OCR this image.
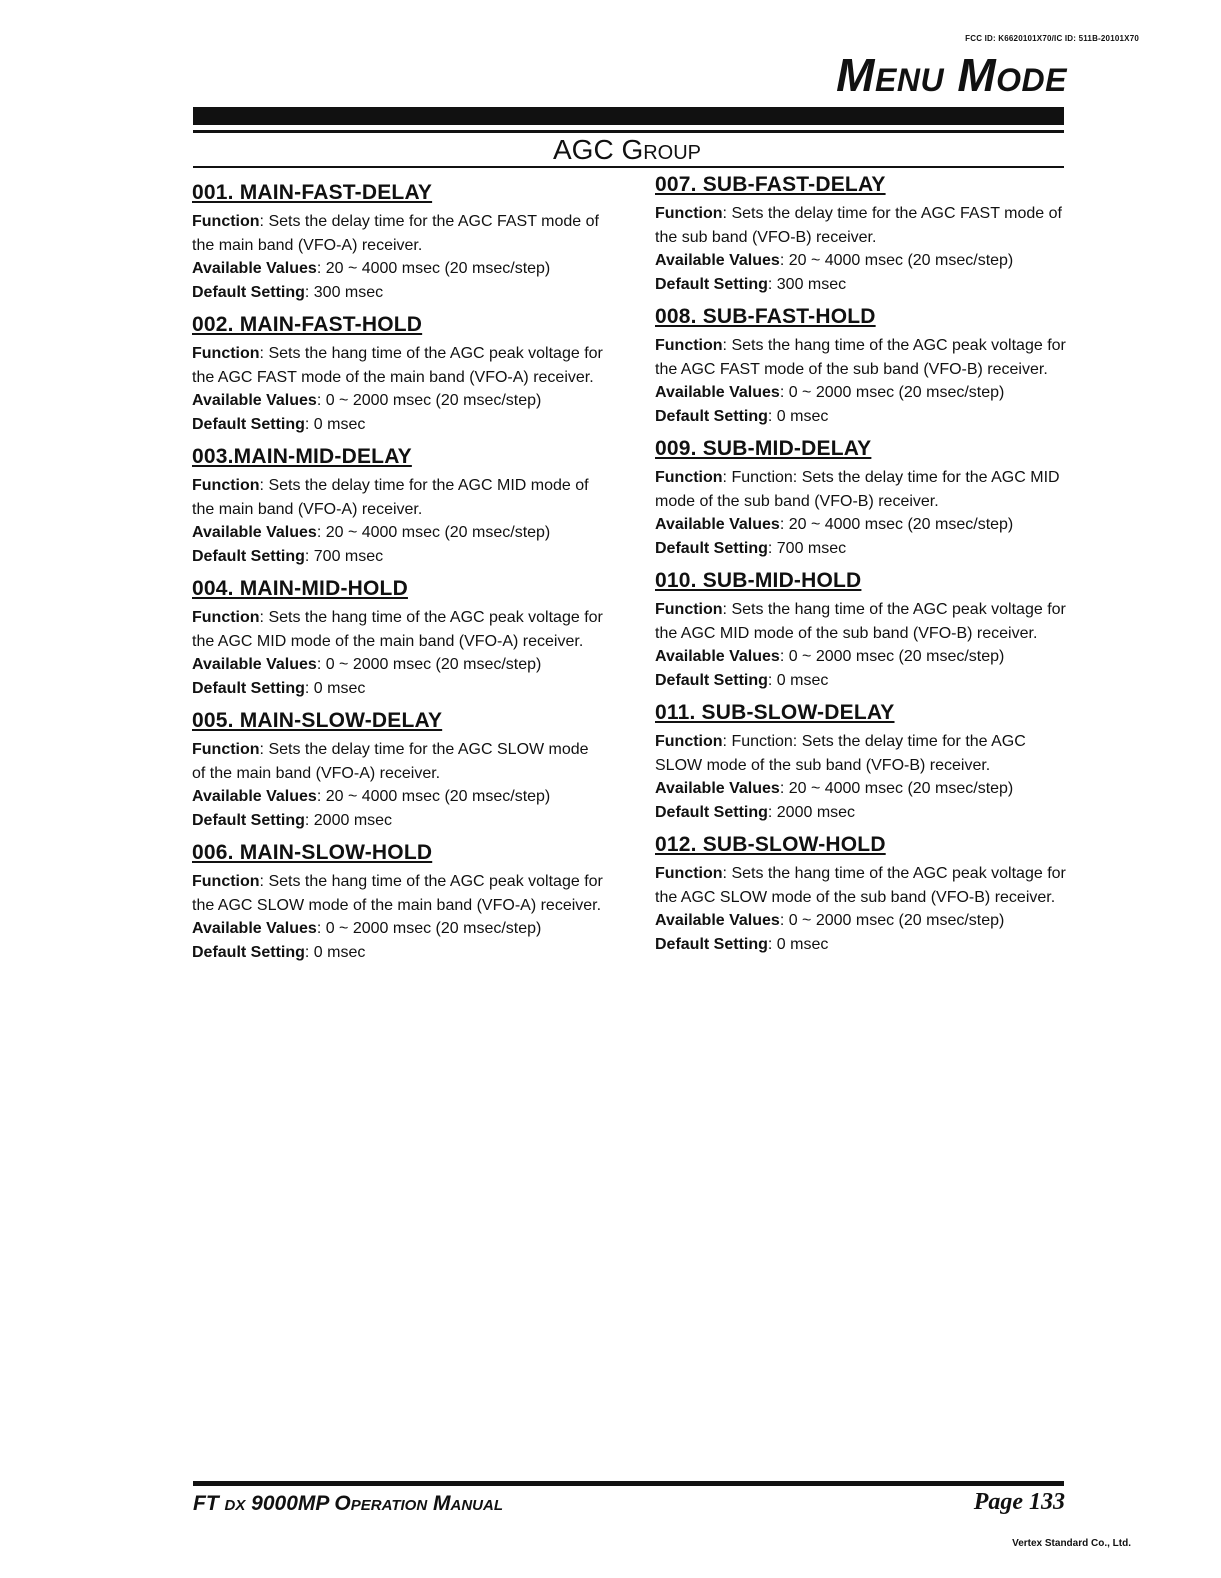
FCC ID: K6620101X70/IC ID: 511B-20101X70
Menu Mode
AGC Group
001. MAIN-FAST-DELAY

Function: Sets the delay time for the AGC FAST mode of the main band (VFO-A) receiver.

Available Values: 20 ~ 4000 msec (20 msec/step)

Default Setting: 300 msec

002. MAIN-FAST-HOLD

Function: Sets the hang time of the AGC peak voltage for the AGC FAST mode of the main band (VFO-A) receiver.

Available Values: 0 ~ 2000 msec (20 msec/step)

Default Setting: 0 msec

003.MAIN-MID-DELAY

Function: Sets the delay time for the AGC MID mode of the main band (VFO-A) receiver.

Available Values: 20 ~ 4000 msec (20 msec/step)

Default Setting: 700 msec

004. MAIN-MID-HOLD

Function: Sets the hang time of the AGC peak voltage for the AGC MID mode of the main band (VFO-A) receiver.

Available Values: 0 ~ 2000 msec (20 msec/step)

Default Setting: 0 msec

005. MAIN-SLOW-DELAY

Function: Sets the delay time for the AGC SLOW mode of the main band (VFO-A) receiver.

Available Values: 20 ~ 4000 msec (20 msec/step)

Default Setting: 2000 msec

006. MAIN-SLOW-HOLD

Function: Sets the hang time of the AGC peak voltage for the AGC SLOW mode of the main band (VFO-A) receiver.

Available Values: 0 ~ 2000 msec (20 msec/step)

Default Setting: 0 msec

007. SUB-FAST-DELAY

Function: Sets the delay time for the AGC FAST mode of the sub band (VFO-B) receiver.

Available Values: 20 ~ 4000 msec (20 msec/step)

Default Setting: 300 msec

008. SUB-FAST-HOLD

Function: Sets the hang time of the AGC peak voltage for the AGC FAST mode of the sub band (VFO-B) receiver.

Available Values: 0 ~ 2000 msec (20 msec/step)

Default Setting: 0 msec

009. SUB-MID-DELAY

Function: Function: Sets the delay time for the AGC MID mode of the sub band (VFO-B) receiver.

Available Values: 20 ~ 4000 msec (20 msec/step)

Default Setting: 700 msec

010. SUB-MID-HOLD

Function: Sets the hang time of the AGC peak voltage for the AGC MID mode of the sub band (VFO-B) receiver.

Available Values: 0 ~ 2000 msec (20 msec/step)

Default Setting: 0 msec

011. SUB-SLOW-DELAY

Function: Function: Sets the delay time for the AGC SLOW mode of the sub band (VFO-B) receiver.

Available Values: 20 ~ 4000 msec (20 msec/step)

Default Setting: 2000 msec

012. SUB-SLOW-HOLD

Function: Sets the hang time of the AGC peak voltage for the AGC SLOW mode of the sub band (VFO-B) receiver.

Available Values: 0 ~ 2000 msec (20 msec/step)

Default Setting: 0 msec

FT dx 9000MP Operation Manual	Page 133
Vertex Standard Co., Ltd.
